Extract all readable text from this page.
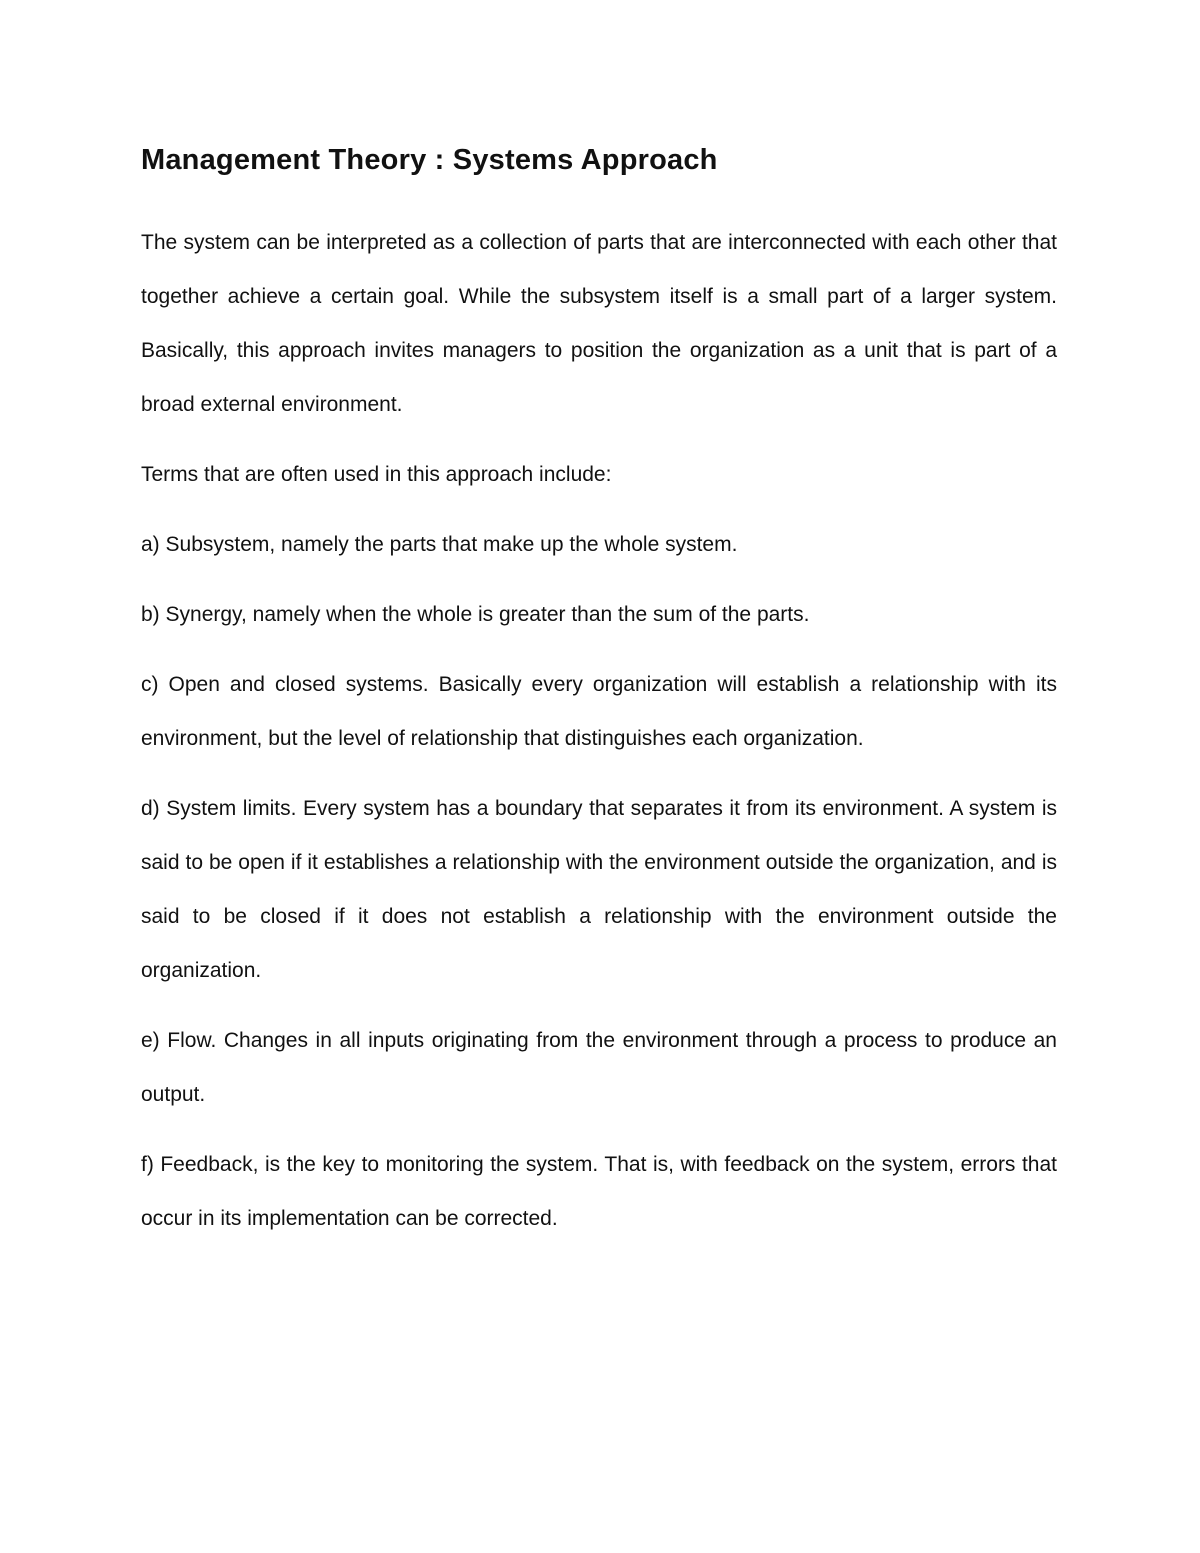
Management Theory : Systems Approach

The system can be interpreted as a collection of parts that are interconnected with each other that together achieve a certain goal. While the subsystem itself is a small part of a larger system. Basically, this approach invites managers to position the organization as a unit that is part of a broad external environment.

Terms that are often used in this approach include:

a) Subsystem, namely the parts that make up the whole system.

b) Synergy, namely when the whole is greater than the sum of the parts.

c) Open and closed systems. Basically every organization will establish a relationship with its environment, but the level of relationship that distinguishes each organization.

d) System limits. Every system has a boundary that separates it from its environment. A system is said to be open if it establishes a relationship with the environment outside the organization, and is said to be closed if it does not establish a relationship with the environment outside the organization.

e) Flow. Changes in all inputs originating from the environment through a process to produce an output.

f) Feedback, is the key to monitoring the system. That is, with feedback on the system, errors that occur in its implementation can be corrected.
